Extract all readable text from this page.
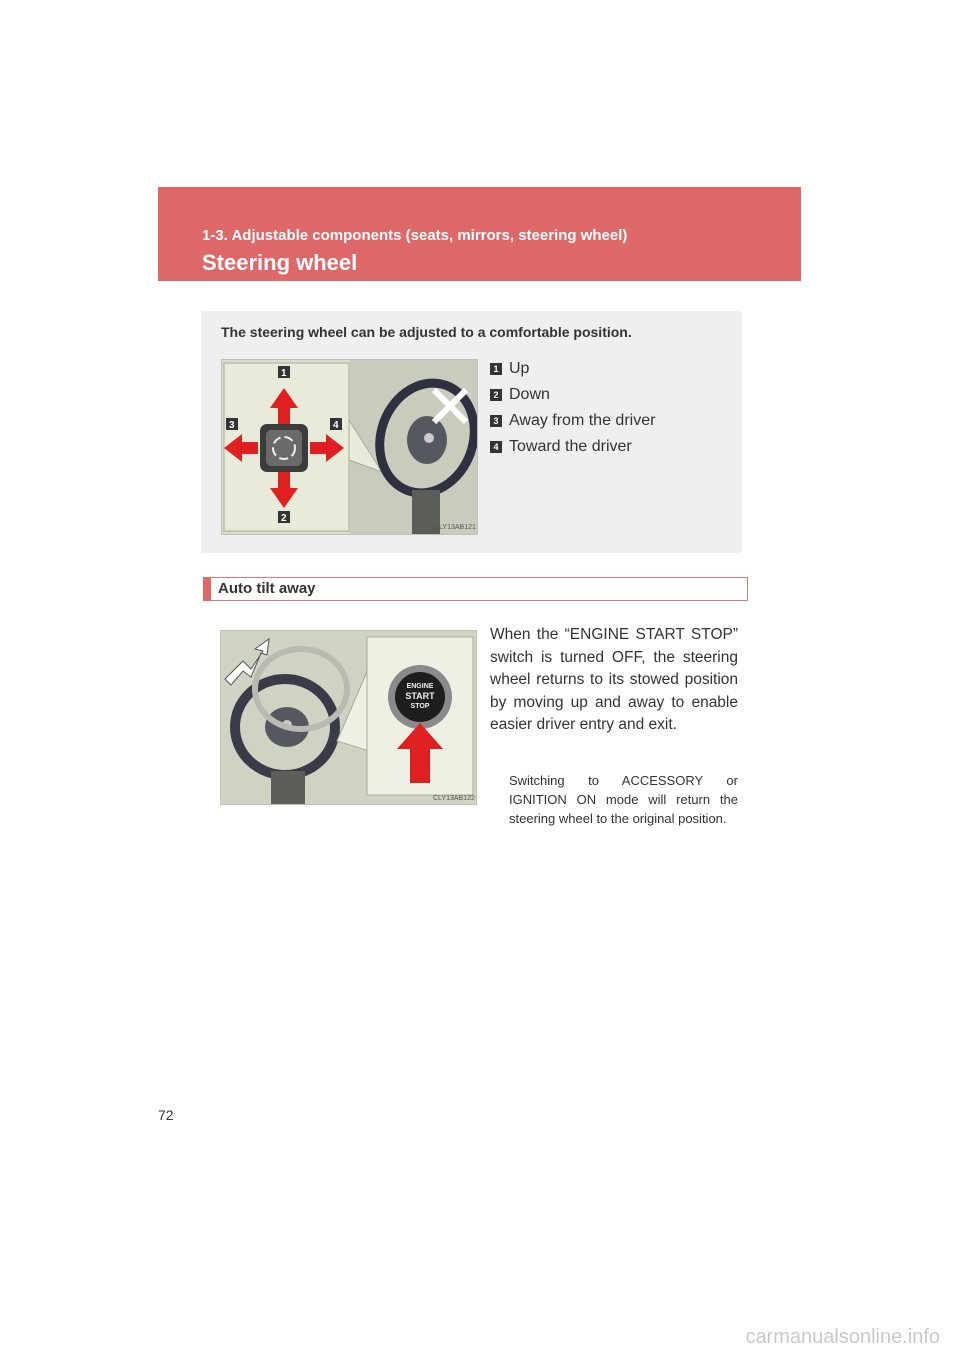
1-3. Adjustable components (seats, mirrors, steering wheel)
Steering wheel
The steering wheel can be adjusted to a comfortable position.
1
2
3	4
CLY13AB121
1 Up
2 Down
3 Away from the driver
4 Toward the driver
Auto tilt away
ENGINE
START
STOP
CLY13AB122
When the “ENGINE START STOP” switch is turned OFF, the steering wheel returns to its stowed position by moving up and away to enable easier driver entry and exit.
Switching to ACCESSORY or IGNITION ON mode will return the steering wheel to the original position.
72
carmanualsonline.info
